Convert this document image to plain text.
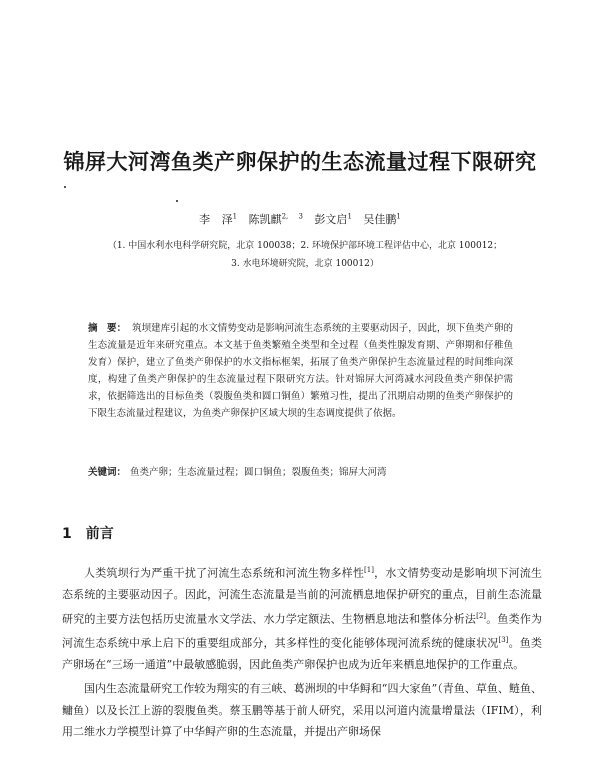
锦屏大河湾鱼类产卵保护的生态流量过程下限研究
李 泽$^1$ 陈凯麒$^{2, 3}$ 彭文启$^1$ 吴佳鹏$^1$
（1. 中国水利水电科学研究院，北京 100038；2. 环境保护部环境工程评估中心，北京 100012；
3. 水电环境研究院，北京 100012）
摘　要： 筑坝建库引起的水文情势变动是影响河流生态系统的主要驱动因子，因此，坝下鱼类产卵的生态流量是近年来研究重点。本文基于鱼类繁殖全类型和全过程（鱼类性腺发育期、产卵期和仔稚鱼发育）保护，建立了鱼类产卵保护的水文指标框架，拓展了鱼类产卵保护生态流量过程的时间维向深度，构建了鱼类产卵保护的生态流量过程下限研究方法。针对锦屏大河湾减水河段鱼类产卵保护需求，依据筛选出的目标鱼类（裂腹鱼类和圆口铜鱼）繁殖习性，提出了汛期启动期的鱼类产卵保护的下限生态流量过程建议，为鱼类产卵保护区域大坝的生态调度提供了依据。
关键词： 鱼类产卵；生态流量过程；圆口铜鱼；裂腹鱼类；锦屏大河湾
1 前言

人类筑坝行为严重干扰了河流生态系统和河流生物多样性[1]，水文情势变动是影响坝下河流生态系统的主要驱动因子。因此，河流生态流量是当前的河流栖息地保护研究的重点，目前生态流量研究的主要方法包括历史流量水文学法、水力学定额法、生物栖息地法和整体分析法[2]。鱼类作为河流生态系统中承上启下的重要组成部分，其多样性的变化能够体现河流系统的健康状况[3]。鱼类产卵场在“三场一通道”中最敏感脆弱，因此鱼类产卵保护也成为近年来栖息地保护的工作重点。

国内生态流量研究工作较为翔实的有三峡、葛洲坝的中华鲟和“四大家鱼”（青鱼、草鱼、鲢鱼、鳙鱼）以及长江上游的裂腹鱼类。蔡玉鹏等基于前人研究，采用以河道内流量增量法（IFIM），利用二维水力学模型计算了中华鲟产卵的生态流量，并提出产卵场保
